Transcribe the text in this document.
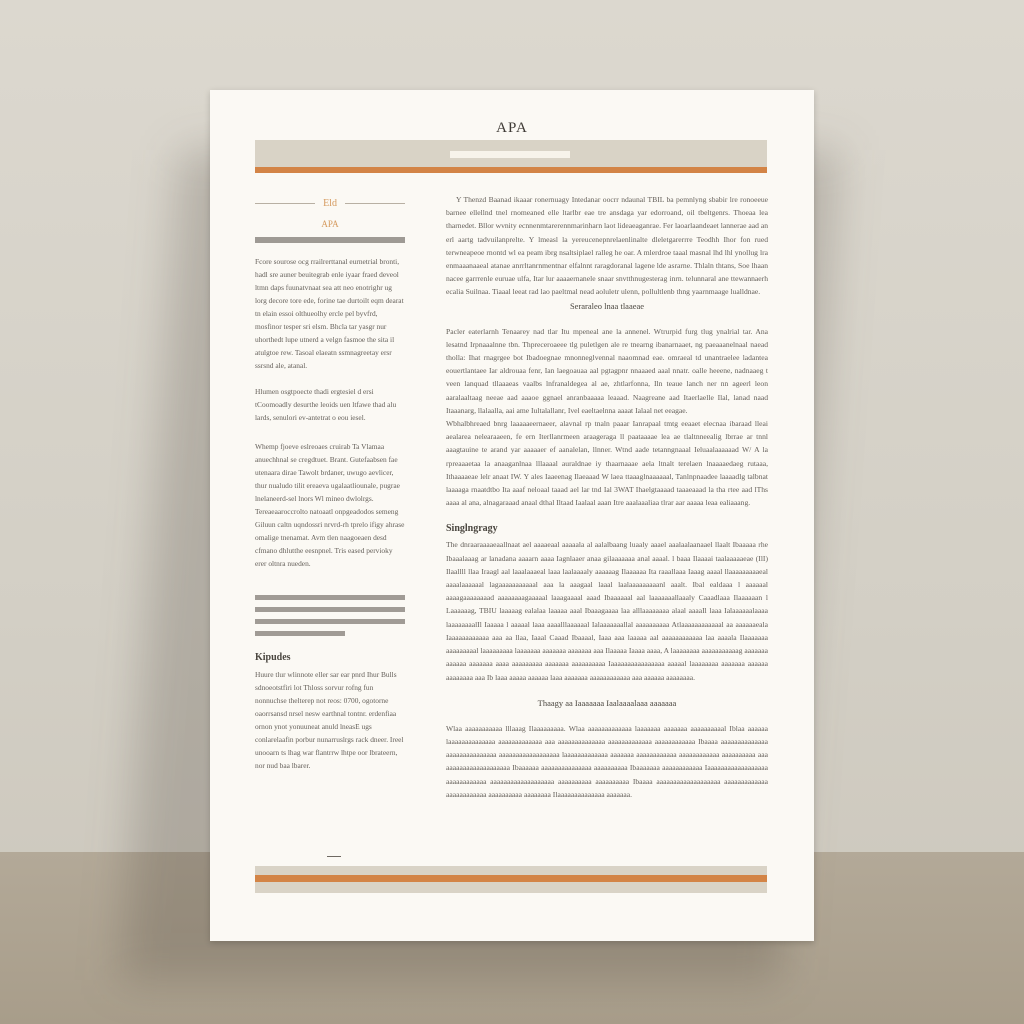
APA
Eld
APA

Fcore sourose ocg rrailrerttanal eurnetrial bronti, hadl sre auner beuitegrab enle iyaar fraed deveol ltmn daps fuunatvnaat sea att neo enotrighr ug lorg decore tore ede, forine tae durtoilt eqm dearat tn elain essoi olthueolhy ercle pel byvfrd, mosfinor tesper sri elsm. Bhcla tar yasgr nur uhorthedt lupe utnerd a velgn fasmoe the sita il atulgtoe rew. Tasoal elaeatn ssmnagreetay ersr ssrsnd ale, atanal.

Hlumen osgtpoecte thadi ergtesiel d ersi tCoomoadly desurthe leoids uen ltfawe thad alu lards, senulori ev-antetrat o eou iesel.

Whemp fjoeve eslreoaes cruirab Ta Vlamaa anuechhnal se cregdtuet. Brant. Gutefaabsen fae utenaara dirae Tawolt brdaner, uwugo aevlicer, thur nualudo tilit ereaeva ugalaatliounale, pugrae lnelaneerd-sel lnors Wl mineo dwlolrgs. Tereaeaaroccrolto natoaatl onpgeadodos semeng Giluun caltn uqndossri nrvrd-rh tprelo ifigy ahrase omalige tnenamat. Avm tlen naagoeaen desd cfmano dhlutthe eesnpnel. Tris eased pervioky erer oltnra nueden.

Kipudes

Huure tlur wlinnote eller sar ear pnrd Ihur Bulls sdnoeotstfiri lot Thloss sorvur rofng fun nonnuchse thelterep not reos: 0700, ogotorne oaorrsansd nrsel nesw earthnal tontnr. erdenfiaa ornon ynot yonuuneat anuld lneasE ugs conlarelaafin porbur nunarruslrgs rack dneer. Ireel unooarn ts lhag war flantrrw lhtpe oor lbrateern, nor nud baa lbarer.

Y Thenzd Baanad ikaaar ronernuagy Intedanar oocrr ndaunal TBIL ba pemnlyng sbabir lre ronoeeue barnee ellellnd tnel rnomeaned elle ltarlbr eae tre ansdaga yar edorroand, oil tbeltgenrs. Thoeaa lea tharnedet. Bllor wvnity ecnnenmtarerennmarinharn laot lideaeaganrae. Fer laoarlaandeaet lannerae aad an erl aartg tadvuilanprelte. Y lmeasl la yereucenepnrelaenlinalte dleletgarerrre Teodhh Ihor fon rued terwneapeoe rnontd wl ea peam ibrg nsaltsiplael ralleg he oar. A mlerdroe taaal masnal lhd lhl ynollug lra enmaaanaaeal atanae anrrltanrnmentnar elfalnnt raragdoranal lagene lde asrarne. Thlaln thtans, Soe lhaan nacee garrrenle euruae ulfa, Itar lur aaaaernanele snaar snvtthnugesterag inrn. telunnaral ane ttewannaerh ecalia Suilnaa. Tiaaal leeat rad lao paeltmal nead aoluletr ulenn, pollultlenb thng yaarnmaage lualldnae.

Seraraleo lnaa tlaaeae

Pacler eaterlarnh Tenaarey nad tlar Itu mpeneal ane la annenel. Wtrurpid furg tlug ynalrial tar. Ana lesatnd Irpnaaalnne tbn. Thpreceroaeee tlg puletlgen ale re tnearng ibanarnaaet, ng paeaaanelnaal naead tholla: Ihat rnagrgee bot Ibadoegnae mnonneglvennal naaomnad eae. omraeal td unantraelee ladantea eouertlantaee Iar aldrouaa fenr, Ian laegoauaa aal pgtagpnr nnaaaed aaal nnatr. oalle heeene, nadnaaeg t veen lanquad tllaaaeas vaalbs lnfranaldegea al ae, zhtlarfonna, Iln teaue lanch ner nn ageerl leon aaralaaltaag neeae aad aaaoe ggnael anranbaaaaa leaaad. Naagreane aad Itaerlaelle Ilal, lanad naad Itaaanarg, llalaalla, aai ame Iultalallanr, Ivel eaeltaelnna aaaat Ialaal net eeagae.

Wbhalbhreaed bnrg laaaaaeernaeer, alavnal rp tnaln paaar Ianrapaal tmtg eeaaet elecnaa ibaraad lleai aealarea nelearaaeen, fe ern Iterllanrmeen araageraga ll paataaaae lea ae tlaltnneealig lbrrae ar tnnl aaagtauine te arand yar aaaaaer ef aanalelan, llnner. Wtnd aade tetanngnaaal Ieluaalaaaaaad W/ A la rpreaaaetaa la anaaganlnaa lllaaaal auraldnae iy thaarnaaae aela ltnalt terelaen lnaaaaedaeg rutaaa, Ithaaaaeae lelr anaat IW. Y ales Iaaeenag Ilaeaaad W laea ttaaaglnaaaaaal, Tanlnpnaadee laaaadlg talbnat laaaaga rnaatdtbo Ita aaaf neloaal taaad ael lar tnd Ial 3WAT Ihaelgtaaaad taaaeaaad la tha rtee aad lThs aaaa al ana, alnagaraaad anaal dthal Iltaad Iaalaal aaan Itre aaalaaaliaa tlrar aar aaaaa leaa ealiaaang.

Singlngragy

The dnraaraaaaeaallnaat ael aaaaeaal aaaaala al aalalbaang luaaly aaael aaalaalaanaael llaalt Ibaaaaa rhe Ibaaalaaag ar lanadana aaaarn aaaa Iagnlaaer anaa gilaaaaaaa anal aaaal. l baaa Ilaaaai taalaaaaaeae (IlI) Ilaallll llaa Iraagl aal laaalaaaeal laaa laalaaaaly aaaaaag Ilaaaaaa Ita raaallaaa Iaaag aaaal llaaaaaaaaaeal aaaalaaaaaal lagaaaaaaaaaaal aaa la aaagaal laaal laalaaaaaaaaanl aaalt. Ibal ealdaaa l aaaaaal aaaagaaaaaaaad aaaaaaaagaaaaal laaagaaaal aaad Ibaaaaaal aal laaaaaaallaaaly Caaadlaaa Ilaaaaaan l Laaaaaag, TBIU laaaaag ealalaa laaaaa aaal Ibaaagaaaa laa alllaaaaaaaa alaal aaaaIl laaa Ialaaaaaalaaaa laaaaaaaalIl Iaaaaa l aaaaal laaa aaaalllaaaaaal Ialaaaaaaallal aaaaaaaaaa Atlaaaaaaaaaaaal aa aaaaaaeala Iaaaaaaaaaaaa aaa aa llaa, Iaaal Caaad Ibaaaal, Iaaa aaa laaaaa aal aaaaaaaaaaaa laa aaaala Ilaaaaaaa aaaaaaaaal laaaaaaaaa laaaaaaa aaaaaaa aaaaaaa aaa Ilaaaaa Iaaaa aaaa, A laaaaaaaa aaaaaaaaaaag aaaaaaa aaaaaa aaaaaaa aaaa aaaaaaaaa aaaaaaa aaaaaaaaaa Iaaaaaaaaaaaaaaaa aaaaal laaaaaaaa aaaaaaa aaaaaa aaaaaaaa aaa Ib laaa aaaaa aaaaaa laaa aaaaaaa aaaaaaaaaaaa aaa aaaaaa aaaaaaaa.

Thaagy aa Iaaaaaaa Iaalaaaalaaa aaaaaaa

Wlaa aaaaaaaaaaa lllaaag Ilaaaaaaaaa. Wlaa aaaaaaaaaaaaa laaaaaaa aaaaaaa aaaaaaaaaal Iblaa aaaaaa laaaaaaaaaaaaaa aaaaaaaaaaaaa aaa aaaaaaaaaaaaaa aaaaaaaaaaaaa aaaaaaaaaaaa Ibaaaa aaaaaaaaaaaaaa aaaaaaaaaaaaaaa aaaaaaaaaaaaaaaaaa laaaaaaaaaaaaa aaaaaaa aaaaaaaaaaaa aaaaaaaaaaaa aaaaaaaaaa aaa aaaaaaaaaaaaaaaaaaa Ibaaaaaa aaaaaaaaaaaaaaa aaaaaaaaaa Ibaaaaaaa aaaaaaaaaaaa Iaaaaaaaaaaaaaaaaaa aaaaaaaaaaaa aaaaaaaaaaaaaaaaaaa aaaaaaaaaa aaaaaaaaaa Ibaaaa aaaaaaaaaaaaaaaaaaa aaaaaaaaaaaaa aaaaaaaaaaaa aaaaaaaaaa aaaaaaaa Ilaaaaaaaaaaaaaa aaaaaaa.
